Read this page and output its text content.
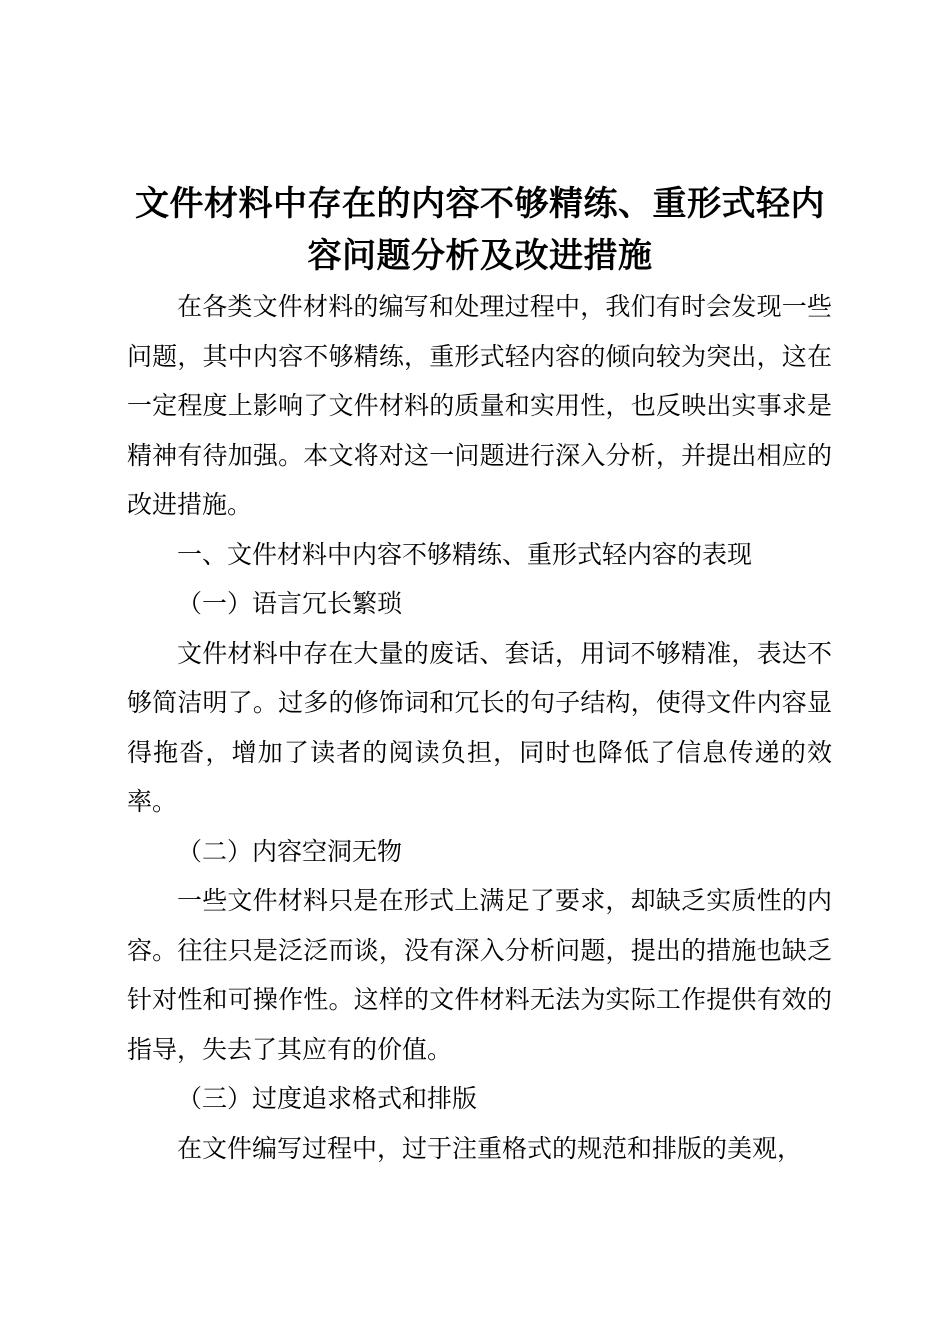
文件材料中存在的内容不够精练、重形式轻内
容问题分析及改进措施

在各类文件材料的编写和处理过程中，我们有时会发现一些问题，其中内容不够精练，重形式轻内容的倾向较为突出，这在一定程度上影响了文件材料的质量和实用性，也反映出实事求是精神有待加强。本文将对这一问题进行深入分析，并提出相应的改进措施。

一、文件材料中内容不够精练、重形式轻内容的表现

（一）语言冗长繁琐

文件材料中存在大量的废话、套话，用词不够精准，表达不够简洁明了。过多的修饰词和冗长的句子结构，使得文件内容显得拖沓，增加了读者的阅读负担，同时也降低了信息传递的效率。

（二）内容空洞无物

一些文件材料只是在形式上满足了要求，却缺乏实质性的内容。往往只是泛泛而谈，没有深入分析问题，提出的措施也缺乏针对性和可操作性。这样的文件材料无法为实际工作提供有效的指导，失去了其应有的价值。

（三）过度追求格式和排版

在文件编写过程中，过于注重格式的规范和排版的美观，
